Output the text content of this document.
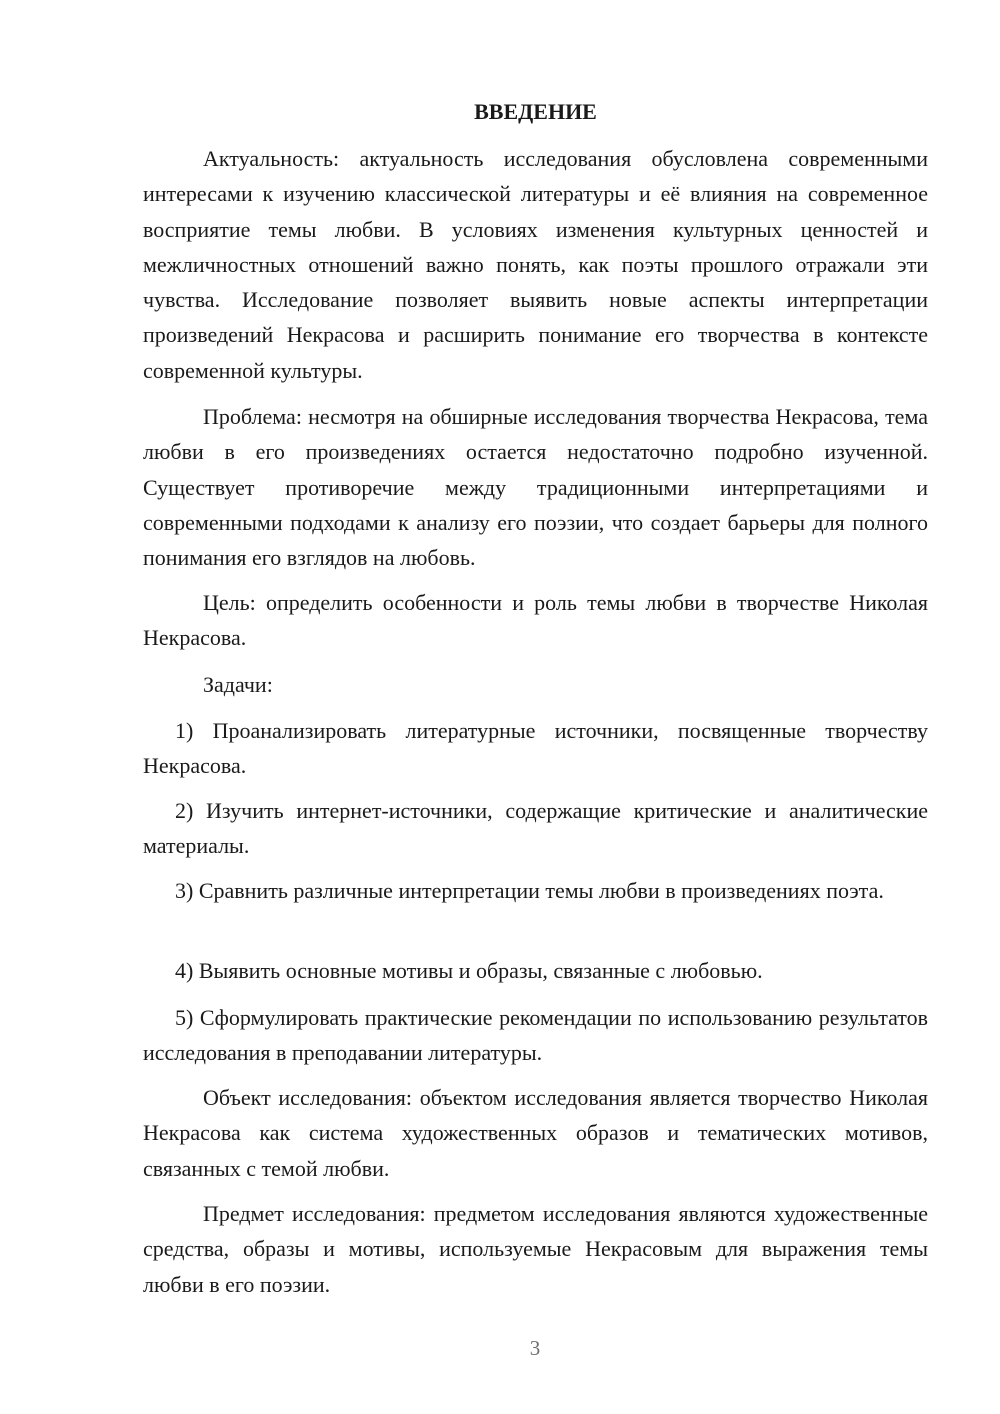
ВВЕДЕНИЕ

Актуальность: актуальность исследования обусловлена современными интересами к изучению классической литературы и её влияния на современное восприятие темы любви. В условиях изменения культурных ценностей и межличностных отношений важно понять, как поэты прошлого отражали эти чувства. Исследование позволяет выявить новые аспекты интерпретации произведений Некрасова и расширить понимание его творчества в контексте современной культуры.

Проблема: несмотря на обширные исследования творчества Некрасова, тема любви в его произведениях остается недостаточно подробно изученной. Существует противоречие между традиционными интерпретациями и современными подходами к анализу его поэзии, что создает барьеры для полного понимания его взглядов на любовь.

Цель: определить особенности и роль темы любви в творчестве Николая Некрасова.

Задачи:

1) Проанализировать литературные источники, посвященные творчеству Некрасова.

2) Изучить интернет-источники, содержащие критические и аналитические материалы.

3) Сравнить различные интерпретации темы любви в произведениях поэта.

4) Выявить основные мотивы и образы, связанные с любовью.

5) Сформулировать практические рекомендации по использованию результатов исследования в преподавании литературы.

Объект исследования: объектом исследования является творчество Николая Некрасова как система художественных образов и тематических мотивов, связанных с темой любви.

Предмет исследования: предметом исследования являются художественные средства, образы и мотивы, используемые Некрасовым для выражения темы любви в его поэзии.

3
